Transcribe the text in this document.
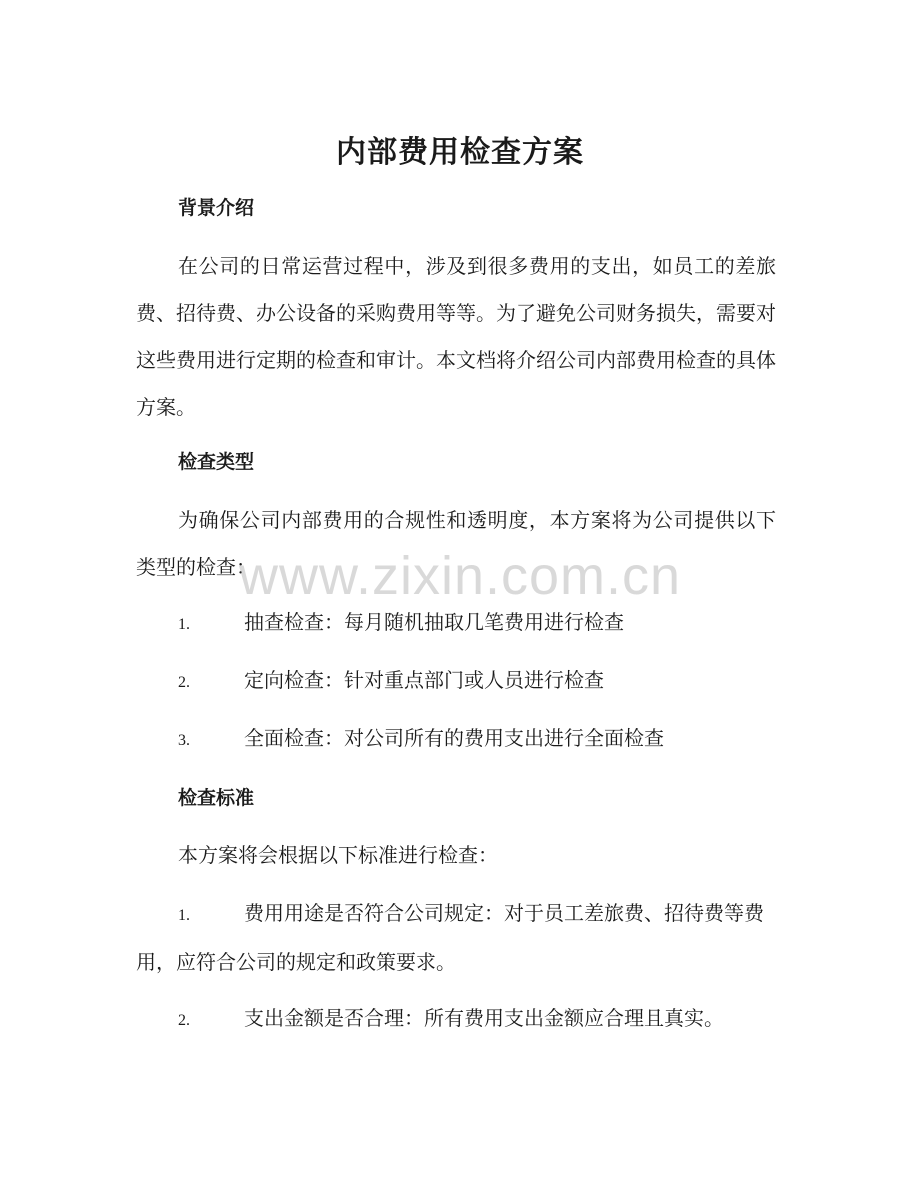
内部费用检查方案
背景介绍
在公司的日常运营过程中，涉及到很多费用的支出，如员工的差旅费、招待费、办公设备的采购费用等等。为了避免公司财务损失，需要对这些费用进行定期的检查和审计。本文档将介绍公司内部费用检查的具体方案。
检查类型
为确保公司内部费用的合规性和透明度，本方案将为公司提供以下类型的检查：
1.	抽查检查：每月随机抽取几笔费用进行检查
2.	定向检查：针对重点部门或人员进行检查
3.	全面检查：对公司所有的费用支出进行全面检查
检查标准
本方案将会根据以下标准进行检查：
1.	费用用途是否符合公司规定：对于员工差旅费、招待费等费用，应符合公司的规定和政策要求。
2.	支出金额是否合理：所有费用支出金额应合理且真实。
www.zixin.com.cn
